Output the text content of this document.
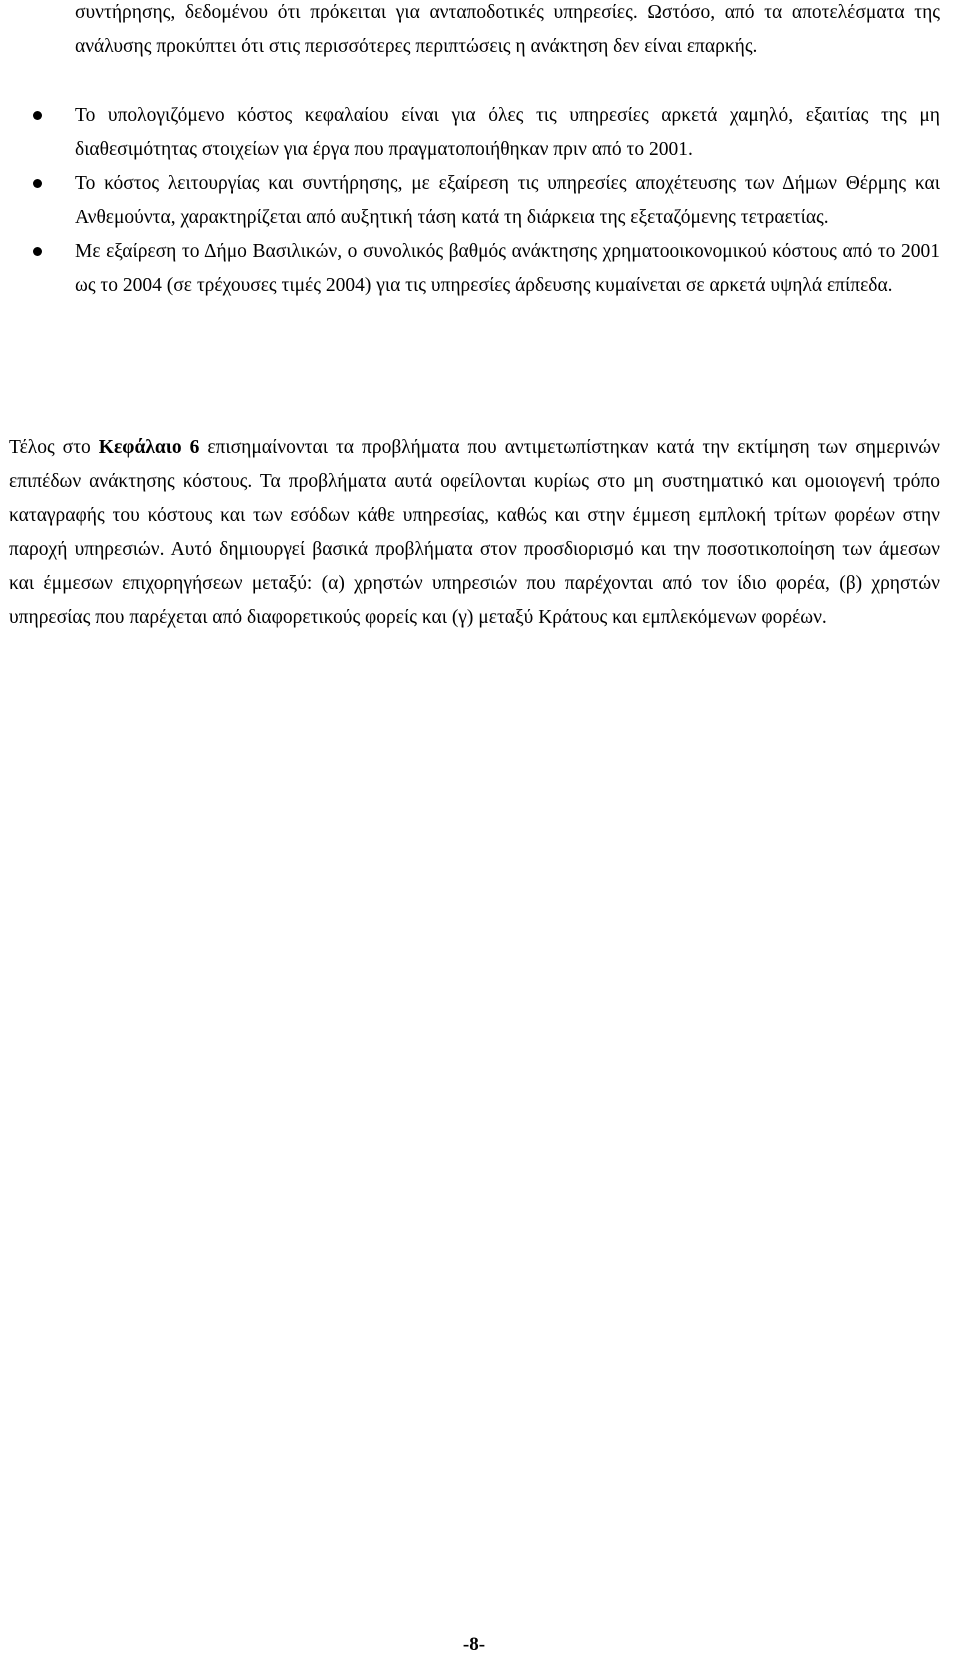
συντήρησης, δεδομένου ότι πρόκειται για ανταποδοτικές υπηρεσίες. Ωστόσο, από τα αποτελέσματα της ανάλυσης προκύπτει ότι στις περισσότερες περιπτώσεις η ανάκτηση δεν είναι επαρκής.
Το υπολογιζόμενο κόστος κεφαλαίου είναι για όλες τις υπηρεσίες αρκετά χαμηλό, εξαιτίας της μη διαθεσιμότητας στοιχείων για έργα που πραγματοποιήθηκαν πριν από το 2001.
Το κόστος λειτουργίας και συντήρησης, με εξαίρεση τις υπηρεσίες αποχέτευσης των Δήμων Θέρμης και Ανθεμούντα, χαρακτηρίζεται από αυξητική τάση κατά τη διάρκεια της εξεταζόμενης τετραετίας.
Με εξαίρεση το Δήμο Βασιλικών, ο συνολικός βαθμός ανάκτησης χρηματοοικονομικού κόστους από το 2001 ως το 2004 (σε τρέχουσες τιμές 2004) για τις υπηρεσίες άρδευσης κυμαίνεται σε αρκετά υψηλά επίπεδα.
Τέλος στο Κεφάλαιο 6 επισημαίνονται τα προβλήματα που αντιμετωπίστηκαν κατά την εκτίμηση των σημερινών επιπέδων ανάκτησης κόστους. Τα προβλήματα αυτά οφείλονται κυρίως στο μη συστηματικό και ομοιογενή τρόπο καταγραφής του κόστους και των εσόδων κάθε υπηρεσίας, καθώς και στην έμμεση εμπλοκή τρίτων φορέων στην παροχή υπηρεσιών. Αυτό δημιουργεί βασικά προβλήματα στον προσδιορισμό και την ποσοτικοποίηση των άμεσων και έμμεσων επιχορηγήσεων μεταξύ: (α) χρηστών υπηρεσιών που παρέχονται από τον ίδιο φορέα, (β) χρηστών υπηρεσίας που παρέχεται από διαφορετικούς φορείς και (γ) μεταξύ Κράτους και εμπλεκόμενων φορέων.
-8-
